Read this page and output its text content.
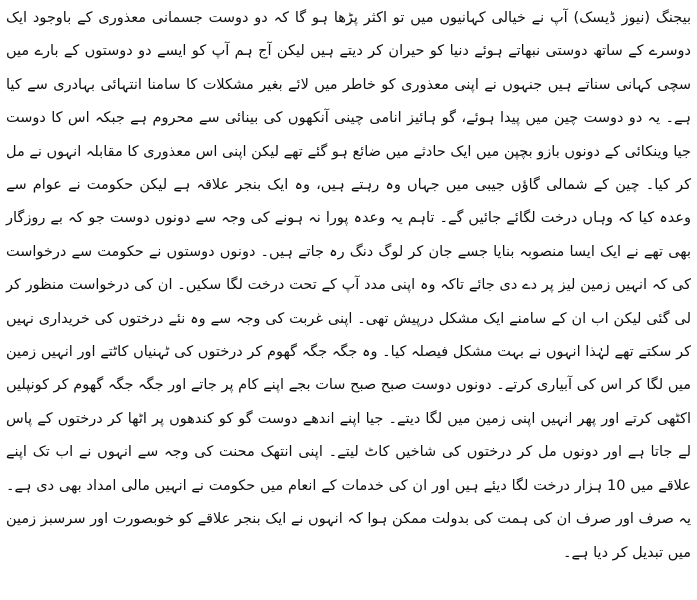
بیجنگ (نیوز ڈیسک) آپ نے خیالی کہانیوں میں تو اکثر پڑھا ہو گا کہ دو دوست جسمانی معذوری کے باوجود ایک دوسرے کے ساتھ دوستی نبھاتے ہوئے دنیا کو حیران کر دیتے ہیں لیکن آج ہم آپ کو ایسے دو دوستوں کے بارے میں سچی کہانی سناتے ہیں جنہوں نے اپنی معذوری کو خاطر میں لائے بغیر مشکلات کا سامنا انتہائی بہادری سے کیا ہے۔ یہ دو دوست چین میں پیدا ہوئے، گو ہائیز انامی چینی آنکھوں کی بینائی سے محروم ہے جبکہ اس کا دوست جیا وینکائی کے دونوں بازو بچپن میں ایک حادثے میں ضائع ہو گئے تھے لیکن اپنی اس معذوری کا مقابلہ انہوں نے مل کر کیا۔ چین کے شمالی گاؤں جیبی میں جہاں وہ رہتے ہیں، وہ ایک بنجر علاقہ ہے لیکن حکومت نے عوام سے وعدہ کیا کہ وہاں درخت لگائے جائیں گے۔ تاہم یہ وعدہ پورا نہ ہونے کی وجہ سے دونوں دوست جو کہ بے روزگار بھی تھے نے ایک ایسا منصوبہ بنایا جسے جان کر لوگ دنگ رہ جاتے ہیں۔ دونوں دوستوں نے حکومت سے درخواست کی کہ انہیں زمین لیز پر دے دی جائے تاکہ وہ اپنی مدد آپ کے تحت درخت لگا سکیں۔ ان کی درخواست منظور کر لی گئی لیکن اب ان کے سامنے ایک مشکل درپیش تھی۔ اپنی غربت کی وجہ سے وہ نئے درختوں کی خریداری نہیں کر سکتے تھے لہٰذا انہوں نے بہت مشکل فیصلہ کیا۔ وہ جگہ جگہ گھوم کر درختوں کی ٹہنیاں کاٹتے اور انہیں زمین میں لگا کر اس کی آبیاری کرتے۔ دونوں دوست صبح صبح سات بجے اپنے کام پر جاتے اور جگہ جگہ گھوم کر کونپلیں اکٹھی کرتے اور پھر انہیں اپنی زمین میں لگا دیتے۔ جیا اپنے اندھے دوست گو کو کندھوں پر اٹھا کر درختوں کے پاس لے جاتا ہے اور دونوں مل کر درختوں کی شاخیں کاٹ لیتے۔ اپنی انتھک محنت کی وجہ سے انہوں نے اب تک اپنے علاقے میں 10 ہزار درخت لگا دیئے ہیں اور ان کی خدمات کے انعام میں حکومت نے انہیں مالی امداد بھی دی ہے۔ یہ صرف اور صرف ان کی ہمت کی بدولت ممکن ہوا کہ انہوں نے ایک بنجر علاقے کو خوبصورت اور سرسبز زمین میں تبدیل کر دیا ہے۔
